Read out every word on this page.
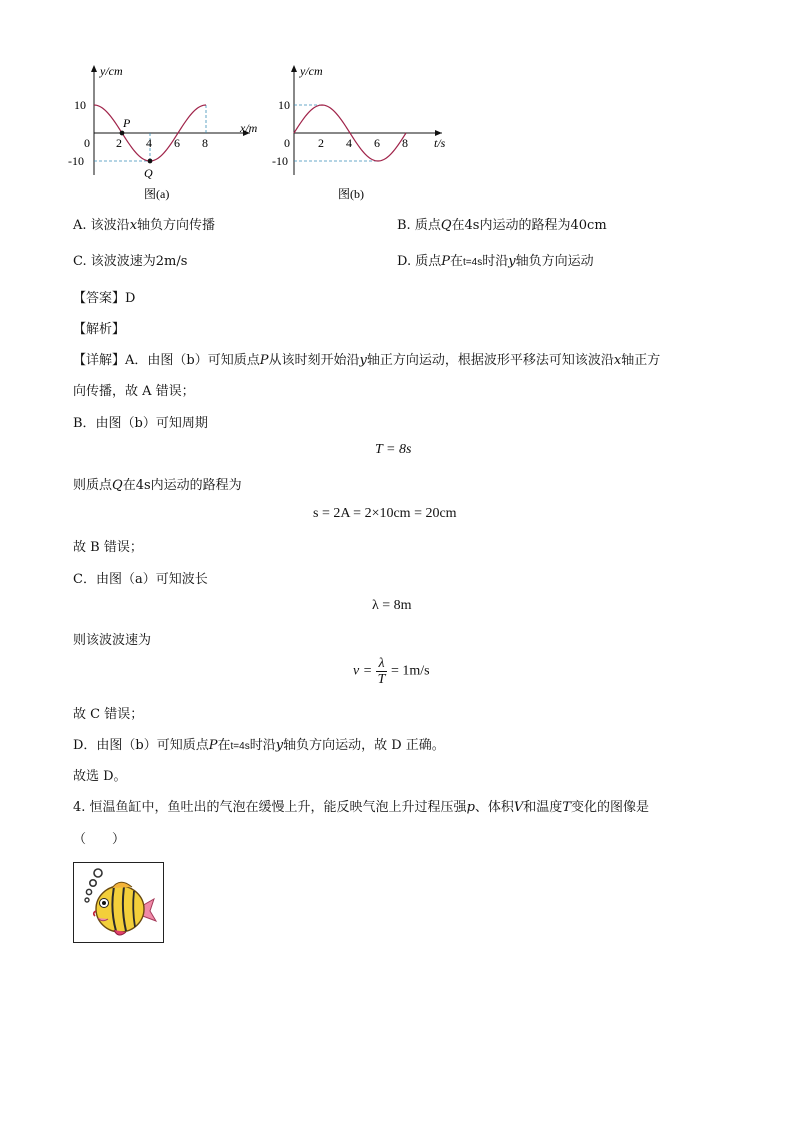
y/cm
x/m
10
-10
0 2 4 6 8
P
Q
图(a)
y/cm
t/s
10
-10
0 2 4 6 8
图(b)
A. 该波沿x轴负方向传播	B. 质点Q在4s内运动的路程为40cm
C. 该波波速为2m/s	D. 质点P在t=4s时沿y轴负方向运动
【答案】D
【解析】
【详解】A．由图（b）可知质点P从该时刻开始沿y轴正方向运动，根据波形平移法可知该波沿x轴正方
向传播，故 A 错误；
B．由图（b）可知周期
T = 8s
则质点Q在4s内运动的路程为
s = 2A = 2×10cm = 20cm
故 B 错误；
C．由图（a）可知波长
λ = 8m
则该波波速为
$v = \frac{\lambda}{T} = 1m/s$
故 C 错误；
D．由图（b）可知质点P在t=4s时沿y轴负方向运动，故 D 正确。
故选 D。
4. 恒温鱼缸中，鱼吐出的气泡在缓慢上升，能反映气泡上升过程压强p、体积V和温度T变化的图像是
（　　）
